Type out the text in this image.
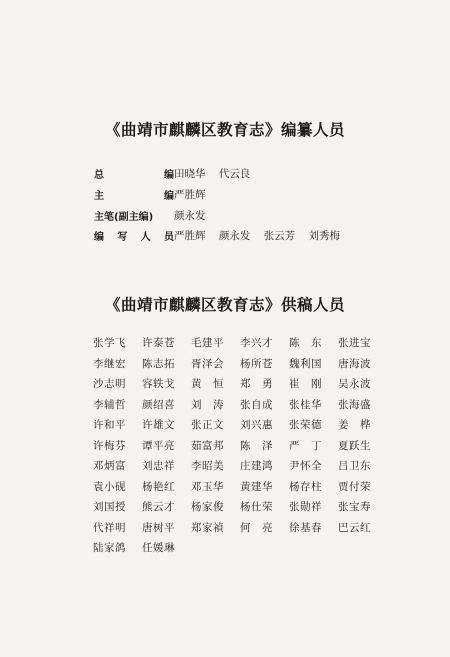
《曲靖市麒麟区教育志》编纂人员
总	编 田晓华 代云良
主	编 严胜辉
主笔(副主编) 颜永发
编 写 人 员 严胜辉 颜永发 张云芳 刘秀梅
《曲靖市麒麟区教育志》供稿人员
张学飞	许泰苍	毛建平	李兴才	陈　东	张进宝
李继宏	陈志拓	胥泽会	杨所苍	魏利国	唐海波
沙志明	容轶戈	黄　恒	郑　勇	崔　刚	吴永波
李辅哲	颜绍喜	刘　涛	张自成	张桂华	张海盛
许和平	许雄文	张正文	刘兴惠	张荣德	姜　桦
许梅芬	谭平亮	茹富邦	陈　泽	严　丁	夏跃生
邓炳富	刘忠祥	李昭美	庄建鸿	尹怀全	吕卫东
袁小砚	杨艳红	邓玉华	黄建华	杨存柱	贾付荣
刘国授	熊云才	杨家俊	杨仕荣	张勋祥	张宝寿
代祥明	唐树平	郑家禎	何　亮	徐基春	巴云红
陆家鸽	任媛琳
